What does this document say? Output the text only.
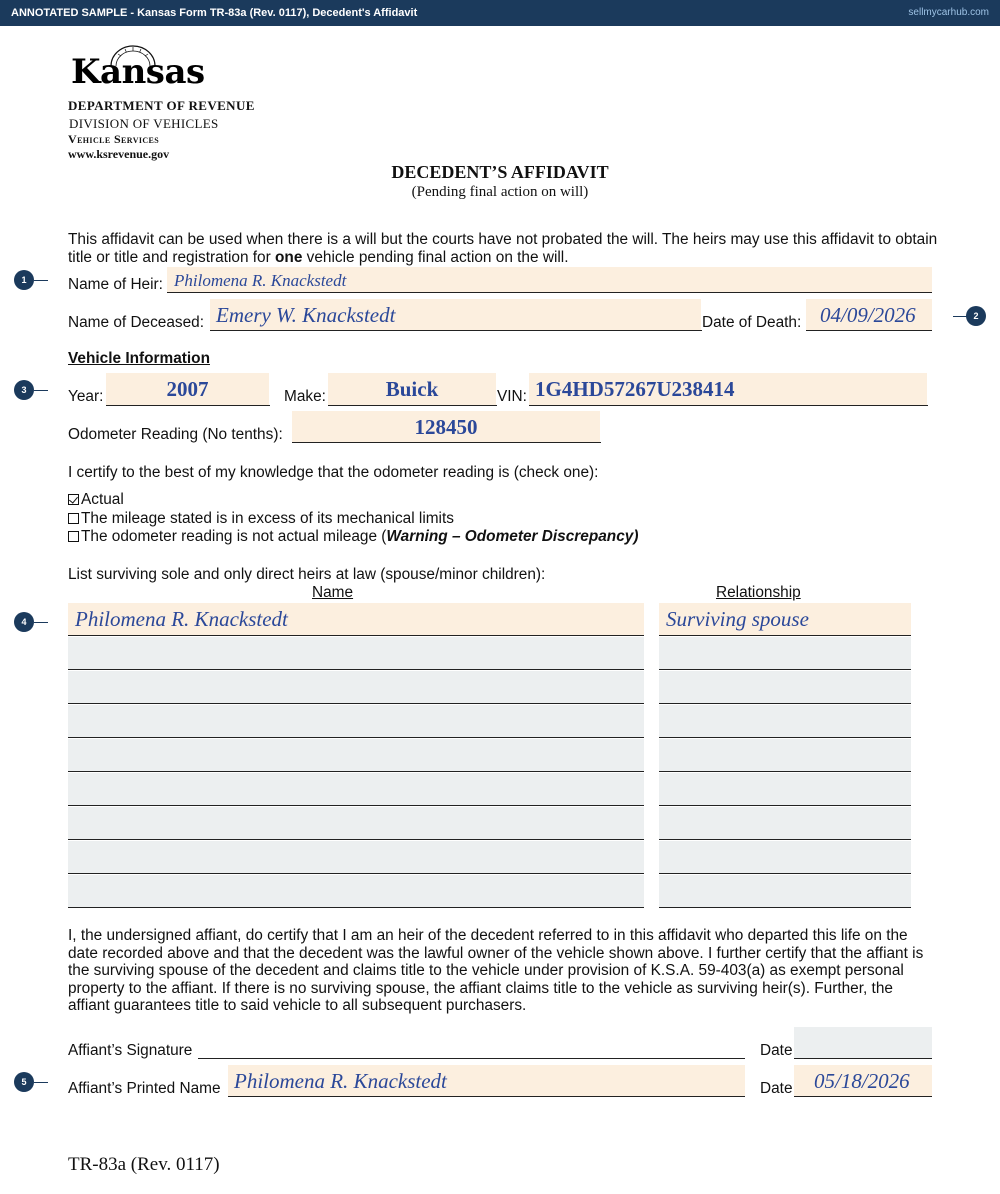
ANNOTATED SAMPLE - Kansas Form TR-83a (Rev. 0117), Decedent's Affidavit	sellmycarhub.com
Kansas
DEPARTMENT OF REVENUE
DIVISION OF VEHICLES
Vehicle Services
www.ksrevenue.gov
DECEDENT’S AFFIDAVIT
(Pending final action on will)
This affidavit can be used when there is a will but the courts have not probated the will. The heirs may use this affidavit to obtain title or title and registration for one vehicle pending final action on the will.
1	Name of Heir: Philomena R. Knackstedt
Name of Deceased: Emery W. Knackstedt	Date of Death: 04/09/2026	2
Vehicle Information
3	Year:	2007	Make:	Buick	VIN: 1G4HD57267U238414
Odometer Reading (No tenths):	128450
I certify to the best of my knowledge that the odometer reading is (check one):
Actual
The mileage stated is in excess of its mechanical limits
The odometer reading is not actual mileage (Warning – Odometer Discrepancy)
List surviving sole and only direct heirs at law (spouse/minor children):
Name	Relationship
4	Philomena R. Knackstedt	Surviving spouse
I, the undersigned affiant, do certify that I am an heir of the decedent referred to in this affidavit who departed this life on the date recorded above and that the decedent was the lawful owner of the vehicle shown above. I further certify that the affiant is the surviving spouse of the decedent and claims title to the vehicle under provision of K.S.A. 59-403(a) as exempt personal property to the affiant. If there is no surviving spouse, the affiant claims title to the vehicle as surviving heir(s). Further, the affiant guarantees title to said vehicle to all subsequent purchasers.
Affiant’s Signature	Date
5	Affiant’s Printed Name Philomena R. Knackstedt	Date 05/18/2026
TR-83a (Rev. 0117)
